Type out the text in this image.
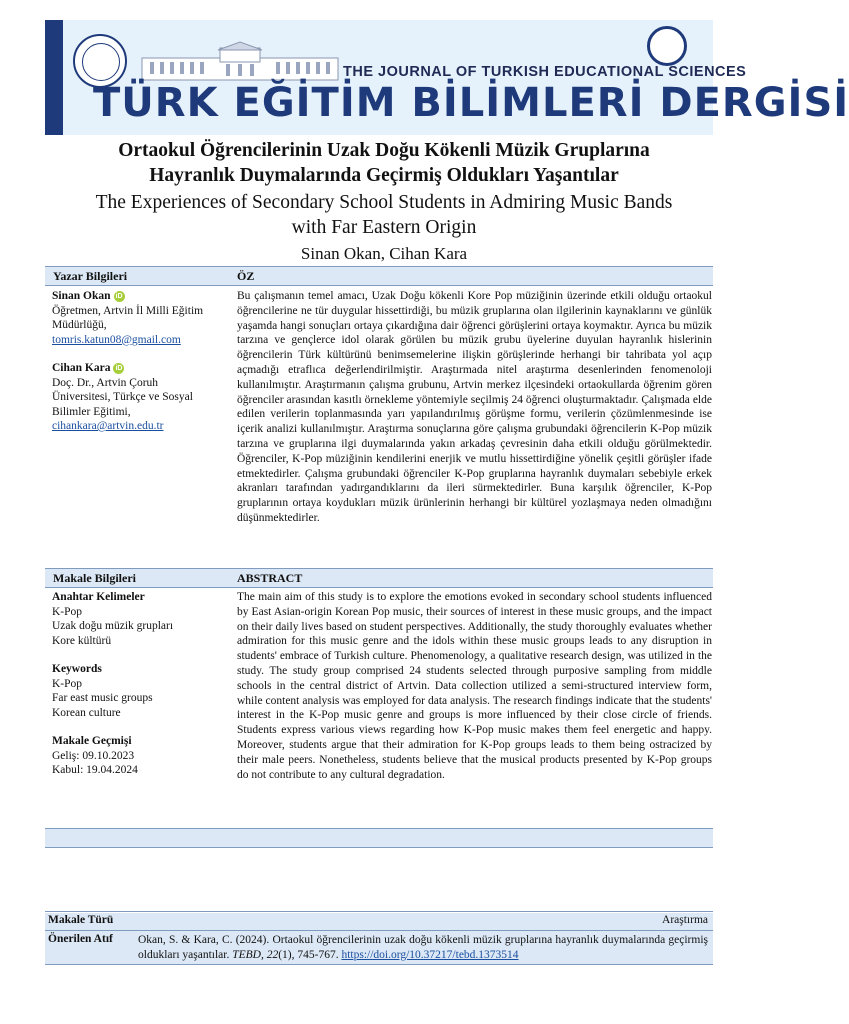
THE JOURNAL OF TURKISH EDUCATIONAL SCIENCES
TÜRK EĞİTİM BİLİMLERİ DERGİSİ
Ortaokul Öğrencilerinin Uzak Doğu Kökenli Müzik Gruplarına
Hayranlık Duymalarında Geçirmiş Oldukları Yaşantılar
The Experiences of Secondary School Students in Admiring Music Bands
with Far Eastern Origin
Sinan Okan, Cihan Kara
Yazar Bilgileri	ÖZ
Sinan Okan iD
Öğretmen, Artvin İl Milli Eğitim
Müdürlüğü,
tomris.katun08@gmail.com
Cihan Kara iD
Doç. Dr., Artvin Çoruh
Üniversitesi, Türkçe ve Sosyal
Bilimler Eğitimi,
cihankara@artvin.edu.tr
Bu çalışmanın temel amacı, Uzak Doğu kökenli Kore Pop müziğinin üzerinde etkili olduğu ortaokul öğrencilerine ne tür duygular hissettirdiği, bu müzik gruplarına olan ilgilerinin kaynaklarını ve günlük yaşamda hangi sonuçları ortaya çıkardığına dair öğrenci görüşlerini ortaya koymaktır. Ayrıca bu müzik tarzına ve gençlerce idol olarak görülen bu müzik grubu üyelerine duyulan hayranlık hislerinin öğrencilerin Türk kültürünü benimsemelerine ilişkin görüşlerinde herhangi bir tahribata yol açıp açmadığı etraflıca değerlendirilmiştir. Araştırmada nitel araştırma desenlerinden fenomenoloji kullanılmıştır. Araştırmanın çalışma grubunu, Artvin merkez ilçesindeki ortaokullarda öğrenim gören öğrenciler arasından kasıtlı örnekleme yöntemiyle seçilmiş 24 öğrenci oluşturmaktadır. Çalışmada elde edilen verilerin toplanmasında yarı yapılandırılmış görüşme formu, verilerin çözümlenmesinde ise içerik analizi kullanılmıştır. Araştırma sonuçlarına göre çalışma grubundaki öğrencilerin K-Pop müzik tarzına ve gruplarına ilgi duymalarında yakın arkadaş çevresinin daha etkili olduğu görülmektedir. Öğrenciler, K-Pop müziğinin kendilerini enerjik ve mutlu hissettirdiğine yönelik çeşitli görüşler ifade etmektedirler. Çalışma grubundaki öğrenciler K-Pop gruplarına hayranlık duymaları sebebiyle erkek akranları tarafından yadırgandıklarını da ileri sürmektedirler. Buna karşılık öğrenciler, K-Pop gruplarının ortaya koydukları müzik ürünlerinin herhangi bir kültürel yozlaşmaya neden olmadığını düşünmektedirler.
Makale Bilgileri	ABSTRACT
Anahtar Kelimeler
K-Pop
Uzak doğu müzik grupları
Kore kültürü
Keywords
K-Pop
Far east music groups
Korean culture
Makale Geçmişi
Geliş: 09.10.2023
Kabul: 19.04.2024
The main aim of this study is to explore the emotions evoked in secondary school students influenced by East Asian-origin Korean Pop music, their sources of interest in these music groups, and the impact on their daily lives based on student perspectives. Additionally, the study thoroughly evaluates whether admiration for this music genre and the idols within these music groups leads to any disruption in students' embrace of Turkish culture. Phenomenology, a qualitative research design, was utilized in the study. The study group comprised 24 students selected through purposive sampling from middle schools in the central district of Artvin. Data collection utilized a semi-structured interview form, while content analysis was employed for data analysis. The research findings indicate that the students' interest in the K-Pop music genre and groups is more influenced by their close circle of friends. Students express various views regarding how K-Pop music makes them feel energetic and happy. Moreover, students argue that their admiration for K-Pop groups leads to them being ostracized by their male peers. Nonetheless, students believe that the musical products presented by K-Pop groups do not contribute to any cultural degradation.
Makale Türü	Araştırma
Önerilen Atıf Okan, S. & Kara, C. (2024). Ortaokul öğrencilerinin uzak doğu kökenli müzik gruplarına hayranlık duymalarında geçirmiş oldukları yaşantılar. TEBD, 22(1), 745-767. https://doi.org/10.37217/tebd.1373514
